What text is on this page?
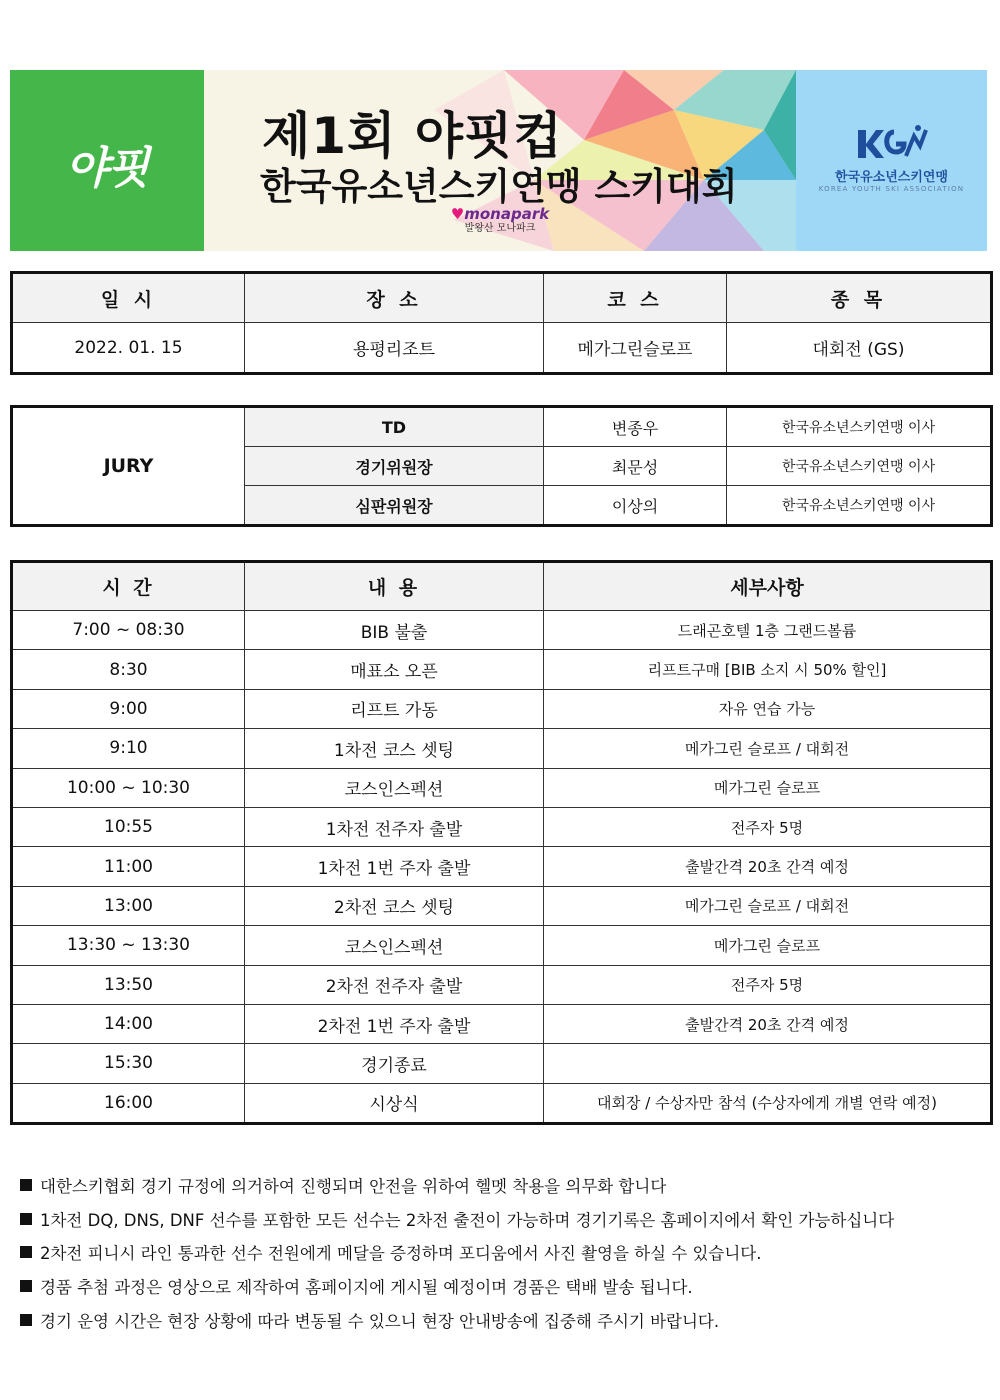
야핏
제1회 야핏컵
한국유소년스키연맹 스키대회
♥monapark
발왕산 모나파크
한국유소년스키연맹
KOREA YOUTH SKI ASSOCIATION
일 시	장 소	코 스	종 목
2022. 01. 15	용평리조트	메가그린슬로프	대회전 (GS)
JURY	TD	변종우	한국유소년스키연맹 이사
	경기위원장	최문성	한국유소년스키연맹 이사
	심판위원장	이상의	한국유소년스키연맹 이사
시 간	내 용	세부사항
7:00 ~ 08:30	BIB 불출	드래곤호텔 1층 그랜드볼륨
8:30	매표소 오픈	리프트구매 [BIB 소지 시 50% 할인]
9:00	리프트 가동	자유 연습 가능
9:10	1차전 코스 셋팅	메가그린 슬로프 / 대회전
10:00 ~ 10:30	코스인스펙션	메가그린 슬로프
10:55	1차전 전주자 출발	전주자 5명
11:00	1차전 1번 주자 출발	출발간격 20초 간격 예정
13:00	2차전 코스 셋팅	메가그린 슬로프 / 대회전
13:30 ~ 13:30	코스인스펙션	메가그린 슬로프
13:50	2차전 전주자 출발	전주자 5명
14:00	2차전 1번 주자 출발	출발간격 20초 간격 예정
15:30	경기종료	
16:00	시상식	대회장 / 수상자만 참석 (수상자에게 개별 연락 예정)
대한스키협회 경기 규정에 의거하여 진행되며 안전을 위하여 헬멧 착용을 의무화 합니다
1차전 DQ, DNS, DNF 선수를 포함한 모든 선수는 2차전 출전이 가능하며 경기기록은 홈페이지에서 확인 가능하십니다
2차전 피니시 라인 통과한 선수 전원에게 메달을 증정하며 포디움에서 사진 촬영을 하실 수 있습니다.
경품 추첨 과정은 영상으로 제작하여 홈페이지에 게시될 예정이며 경품은 택배 발송 됩니다.
경기 운영 시간은 현장 상황에 따라 변동될 수 있으니 현장 안내방송에 집중해 주시기 바랍니다.
